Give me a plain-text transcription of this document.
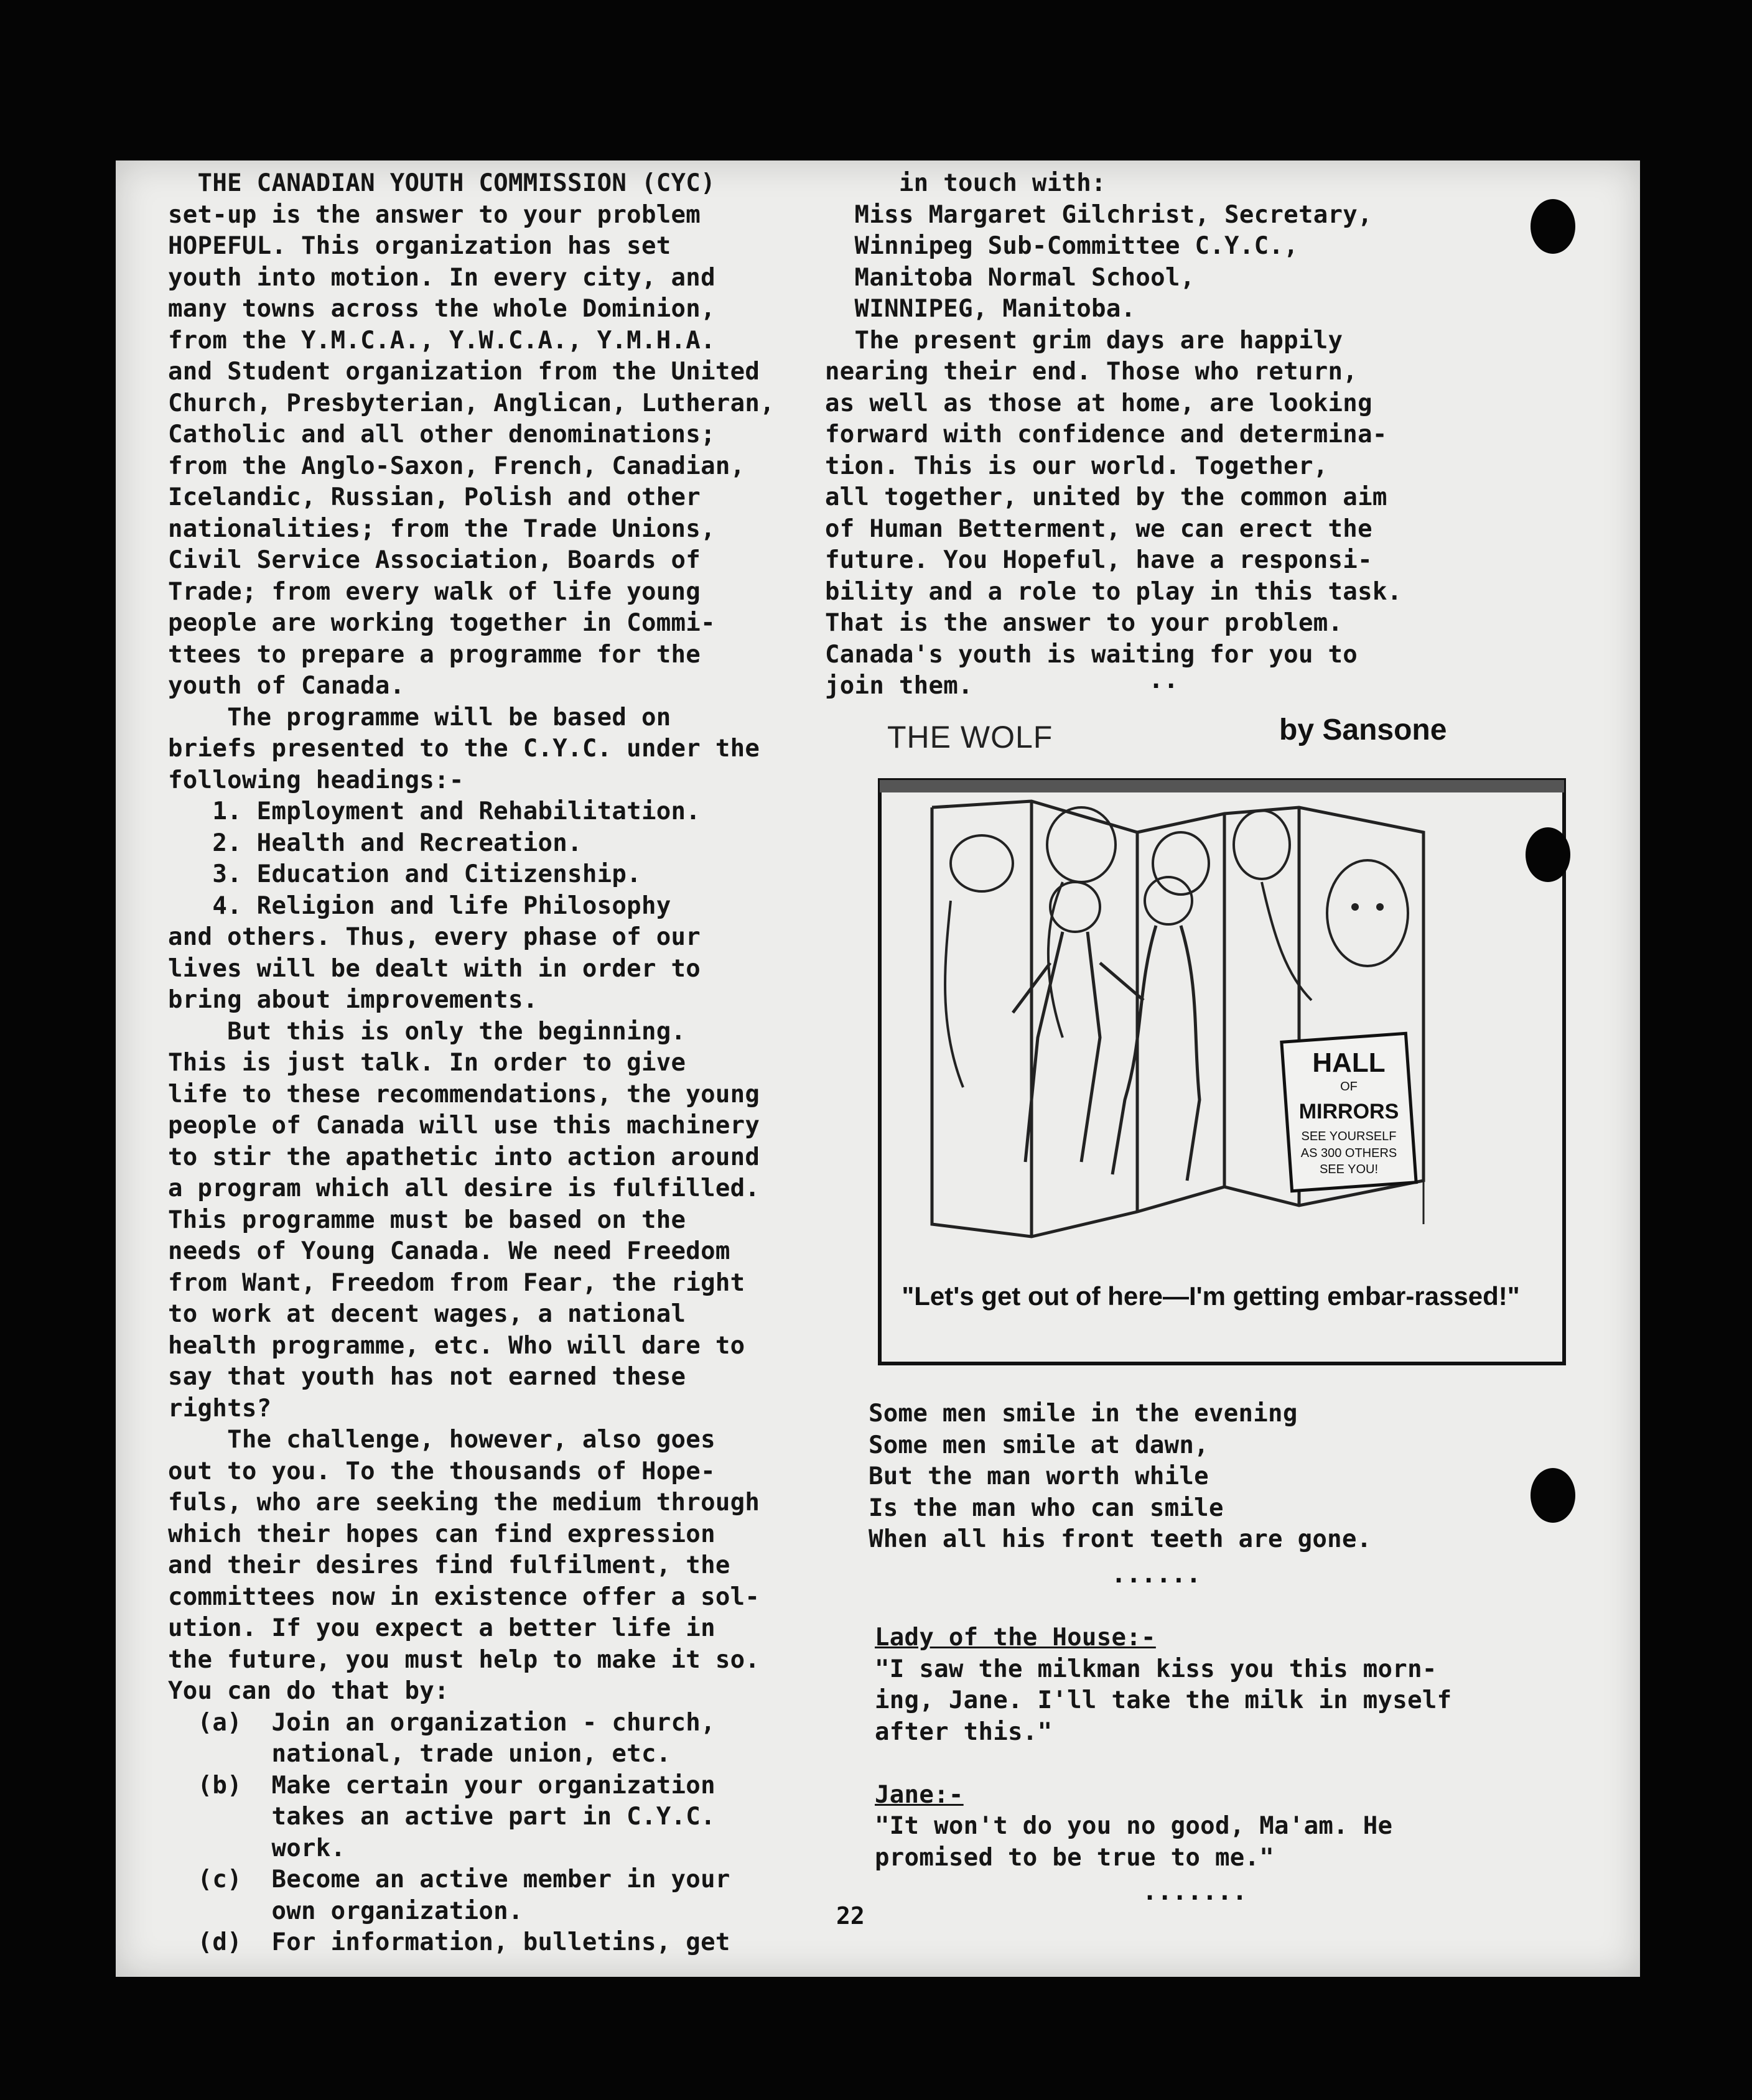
THE CANADIAN YOUTH COMMISSION (CYC)

set-up is the answer to your problem

HOPEFUL. This organization has set

youth into motion. In every city, and

many towns across the whole Dominion,

from the Y.M.C.A., Y.W.C.A., Y.M.H.A.

and Student organization from the United

Church, Presbyterian, Anglican, Lutheran,

Catholic and all other denominations;

from the Anglo-Saxon, French, Canadian,

Icelandic, Russian, Polish and other

nationalities; from the Trade Unions,

Civil Service Association, Boards of

Trade; from every walk of life young

people are working together in Commi-

ttees to prepare a programme for the

youth of Canada.

The programme will be based on

briefs presented to the C.Y.C. under the

following headings:-

1. Employment and Rehabilitation.

2. Health and Recreation.

3. Education and Citizenship.

4. Religion and life Philosophy

and others. Thus, every phase of our

lives will be dealt with in order to

bring about improvements.

But this is only the beginning.

This is just talk. In order to give

life to these recommendations, the young

people of Canada will use this machinery

to stir the apathetic into action around

a program which all desire is fulfilled.

This programme must be based on the

needs of Young Canada. We need Freedom

from Want, Freedom from Fear, the right

to work at decent wages, a national

health programme, etc. Who will dare to

say that youth has not earned these

rights?

The challenge, however, also goes

out to you. To the thousands of Hope-

fuls, who are seeking the medium through

which their hopes can find expression

and their desires find fulfilment, the

committees now in existence offer a sol-

ution. If you expect a better life in

the future, you must help to make it so.

You can do that by:

(a)  Join an organization - church,

national, trade union, etc.

(b)  Make certain your organization

takes an active part in C.Y.C.

work.

(c)  Become an active member in your

own organization.

(d)  For information, bulletins, get

in touch with:

Miss Margaret Gilchrist, Secretary,

Winnipeg Sub-Committee C.Y.C.,

Manitoba Normal School,

WINNIPEG, Manitoba.

The present grim days are happily

nearing their end. Those who return,

as well as those at home, are looking

forward with confidence and determina-

tion. This is our world. Together,

all together, united by the common aim

of Human Betterment, we can erect the

future. You Hopeful, have a responsi-

bility and a role to play in this task.

That is the answer to your problem.

Canada's youth is waiting for you to

join them.	..
THE WOLF	by Sansone
HALL
OF
MIRRORS
SEE YOURSELF
AS 300 OTHERS
SEE YOU!
"Let's get out of here—I'm getting embar-rassed!"

Some men smile in the evening

Some men smile at dawn,

But the man worth while

Is the man who can smile

When all his front teeth are gone.

......

Lady of the House:-

"I saw the milkman kiss you this morn-

ing, Jane. I'll take the milk in myself

after this."

Jane:-

"It won't do you no good, Ma'am. He

promised to be true to me."

.......
22
